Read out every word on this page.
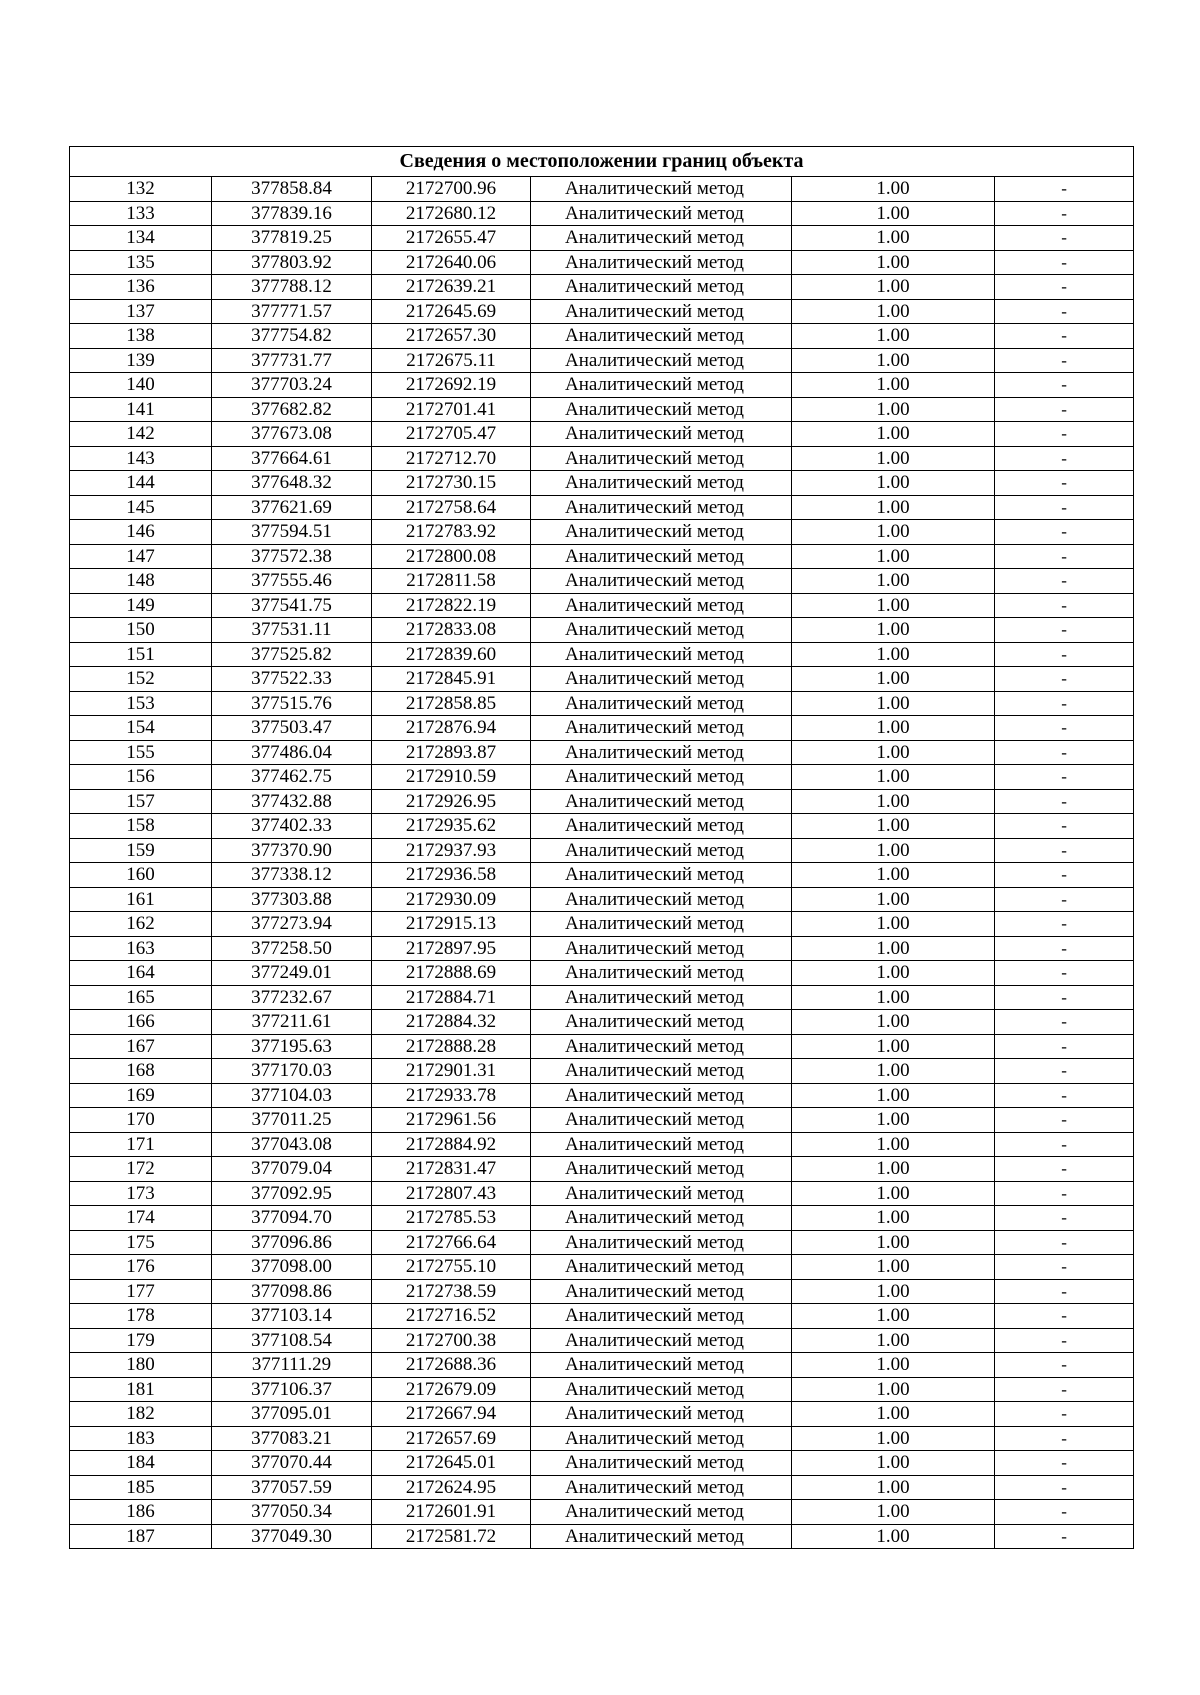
Сведения о местоположении границ объекта					
132	377858.84	2172700.96	Аналитический метод	1.00	-
133	377839.16	2172680.12	Аналитический метод	1.00	-
134	377819.25	2172655.47	Аналитический метод	1.00	-
135	377803.92	2172640.06	Аналитический метод	1.00	-
136	377788.12	2172639.21	Аналитический метод	1.00	-
137	377771.57	2172645.69	Аналитический метод	1.00	-
138	377754.82	2172657.30	Аналитический метод	1.00	-
139	377731.77	2172675.11	Аналитический метод	1.00	-
140	377703.24	2172692.19	Аналитический метод	1.00	-
141	377682.82	2172701.41	Аналитический метод	1.00	-
142	377673.08	2172705.47	Аналитический метод	1.00	-
143	377664.61	2172712.70	Аналитический метод	1.00	-
144	377648.32	2172730.15	Аналитический метод	1.00	-
145	377621.69	2172758.64	Аналитический метод	1.00	-
146	377594.51	2172783.92	Аналитический метод	1.00	-
147	377572.38	2172800.08	Аналитический метод	1.00	-
148	377555.46	2172811.58	Аналитический метод	1.00	-
149	377541.75	2172822.19	Аналитический метод	1.00	-
150	377531.11	2172833.08	Аналитический метод	1.00	-
151	377525.82	2172839.60	Аналитический метод	1.00	-
152	377522.33	2172845.91	Аналитический метод	1.00	-
153	377515.76	2172858.85	Аналитический метод	1.00	-
154	377503.47	2172876.94	Аналитический метод	1.00	-
155	377486.04	2172893.87	Аналитический метод	1.00	-
156	377462.75	2172910.59	Аналитический метод	1.00	-
157	377432.88	2172926.95	Аналитический метод	1.00	-
158	377402.33	2172935.62	Аналитический метод	1.00	-
159	377370.90	2172937.93	Аналитический метод	1.00	-
160	377338.12	2172936.58	Аналитический метод	1.00	-
161	377303.88	2172930.09	Аналитический метод	1.00	-
162	377273.94	2172915.13	Аналитический метод	1.00	-
163	377258.50	2172897.95	Аналитический метод	1.00	-
164	377249.01	2172888.69	Аналитический метод	1.00	-
165	377232.67	2172884.71	Аналитический метод	1.00	-
166	377211.61	2172884.32	Аналитический метод	1.00	-
167	377195.63	2172888.28	Аналитический метод	1.00	-
168	377170.03	2172901.31	Аналитический метод	1.00	-
169	377104.03	2172933.78	Аналитический метод	1.00	-
170	377011.25	2172961.56	Аналитический метод	1.00	-
171	377043.08	2172884.92	Аналитический метод	1.00	-
172	377079.04	2172831.47	Аналитический метод	1.00	-
173	377092.95	2172807.43	Аналитический метод	1.00	-
174	377094.70	2172785.53	Аналитический метод	1.00	-
175	377096.86	2172766.64	Аналитический метод	1.00	-
176	377098.00	2172755.10	Аналитический метод	1.00	-
177	377098.86	2172738.59	Аналитический метод	1.00	-
178	377103.14	2172716.52	Аналитический метод	1.00	-
179	377108.54	2172700.38	Аналитический метод	1.00	-
180	377111.29	2172688.36	Аналитический метод	1.00	-
181	377106.37	2172679.09	Аналитический метод	1.00	-
182	377095.01	2172667.94	Аналитический метод	1.00	-
183	377083.21	2172657.69	Аналитический метод	1.00	-
184	377070.44	2172645.01	Аналитический метод	1.00	-
185	377057.59	2172624.95	Аналитический метод	1.00	-
186	377050.34	2172601.91	Аналитический метод	1.00	-
187	377049.30	2172581.72	Аналитический метод	1.00	-
